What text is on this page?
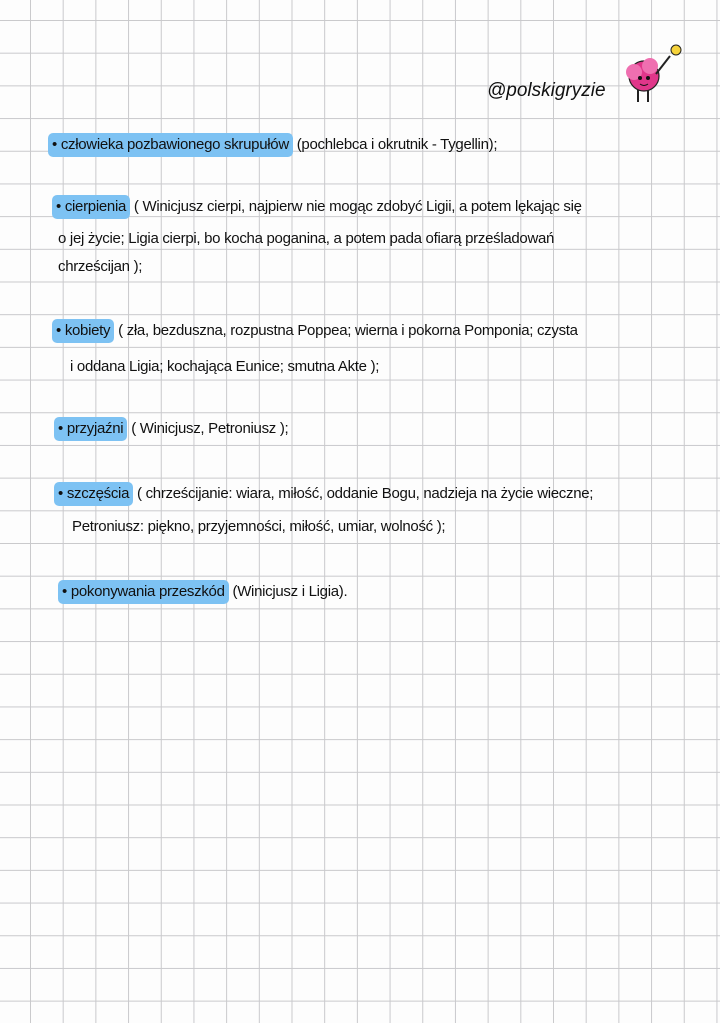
@polskigryzie
• człowieka pozbawionego skrupułów (pochlebca i okrutnik - Tygellin);
• cierpienia ( Winicjusz cierpi, najpierw nie mogąc zdobyć Ligii, a potem lękając się
o jej życie; Ligia cierpi, bo kocha poganina, a potem pada ofiarą prześladowań
chrześcijan );
• kobiety ( zła, bezduszna, rozpustna Poppea; wierna i pokorna Pomponia; czysta
i oddana Ligia; kochająca Eunice; smutna Akte );
• przyjaźni ( Winicjusz, Petroniusz );
• szczęścia ( chrześcijanie: wiara, miłość, oddanie Bogu, nadzieja na życie wieczne;
Petroniusz: piękno, przyjemności, miłość, umiar, wolność );
• pokonywania przeszkód (Winicjusz i Ligia).
